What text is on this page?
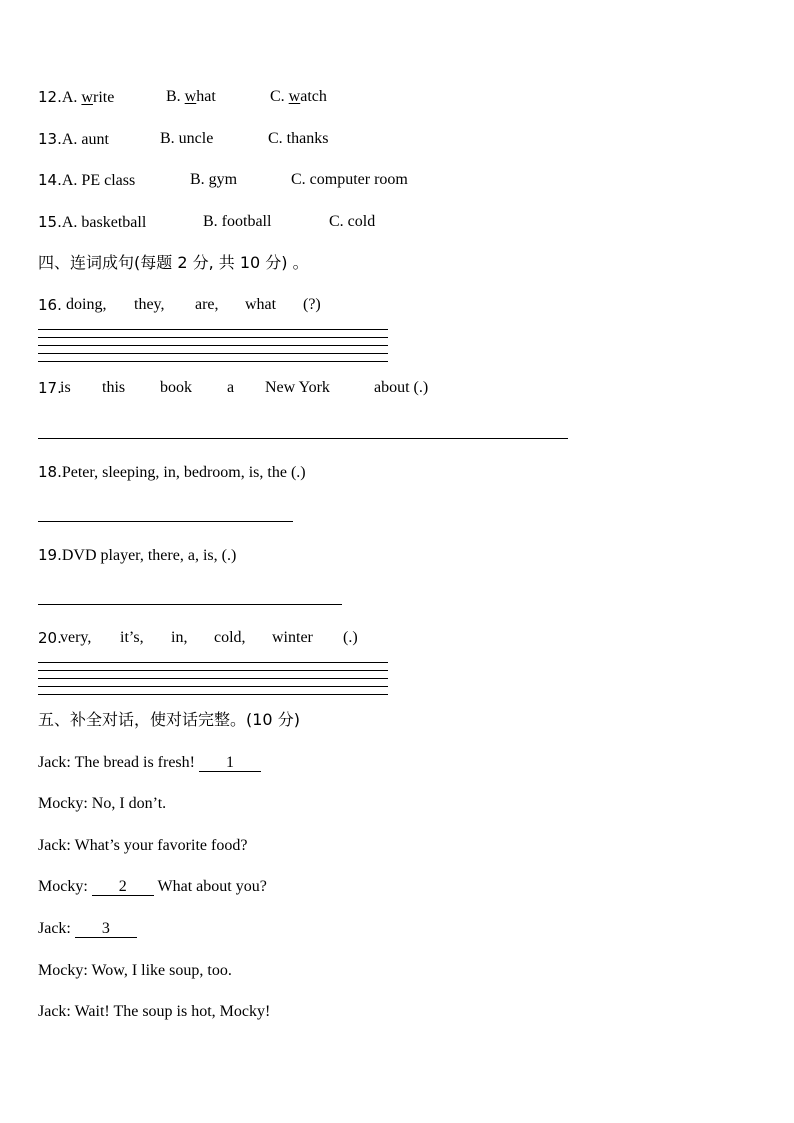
12.A. write	B. what	C. watch
13.A. aunt	B. uncle	C. thanks
14.A. PE class	B. gym	C. computer room
15.A. basketball	B. football	C. cold
四、连词成句(每题 2 分, 共 10 分) 。
16. doing, they, are, what (?)
17.
is this book a New York	about (.)
18.Peter, sleeping, in, bedroom, is, the (.)
19.DVD player, there, a, is, (.)
20.
very, it’s, in, cold, winter (.)
五、补全对话，使对话完整。(10 分)
Jack: The bread is fresh! 1
Mocky: No, I don’t.
Jack: What’s your favorite food?
Mocky: 2 What about you?
Jack: 3
Mocky: Wow, I like soup, too.
Jack: Wait! The soup is hot, Mocky!
